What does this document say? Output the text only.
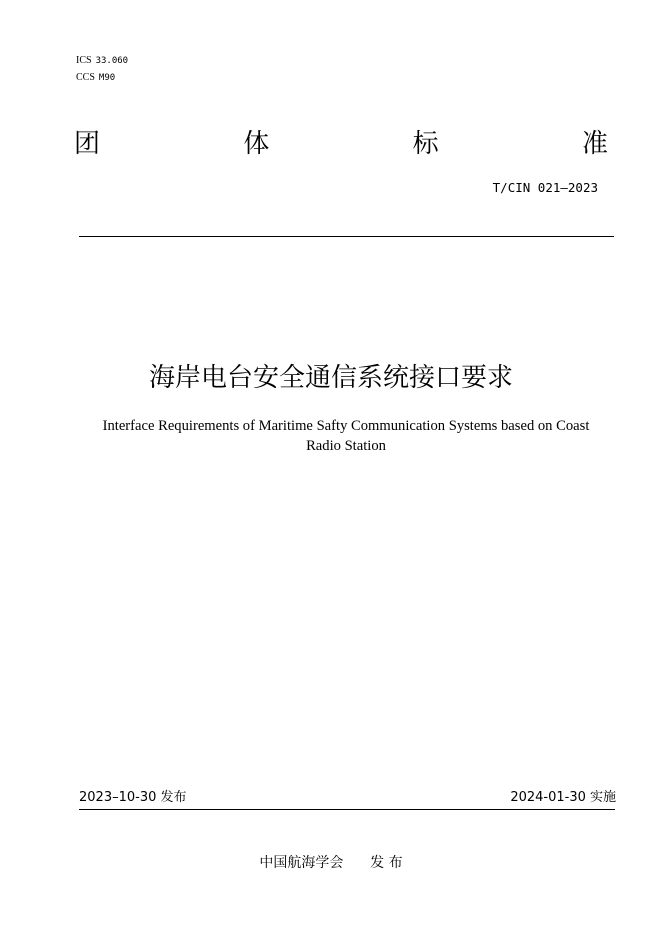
ICS 33.060
CCS M90
团	体	标	准
T/CIN 021—2023
海岸电台安全通信系统接口要求
Interface Requirements of Maritime Safty Communication Systems based on Coast
Radio Station
2023–10-30 发布	2024-01-30 实施
中国航海学会      发 布
